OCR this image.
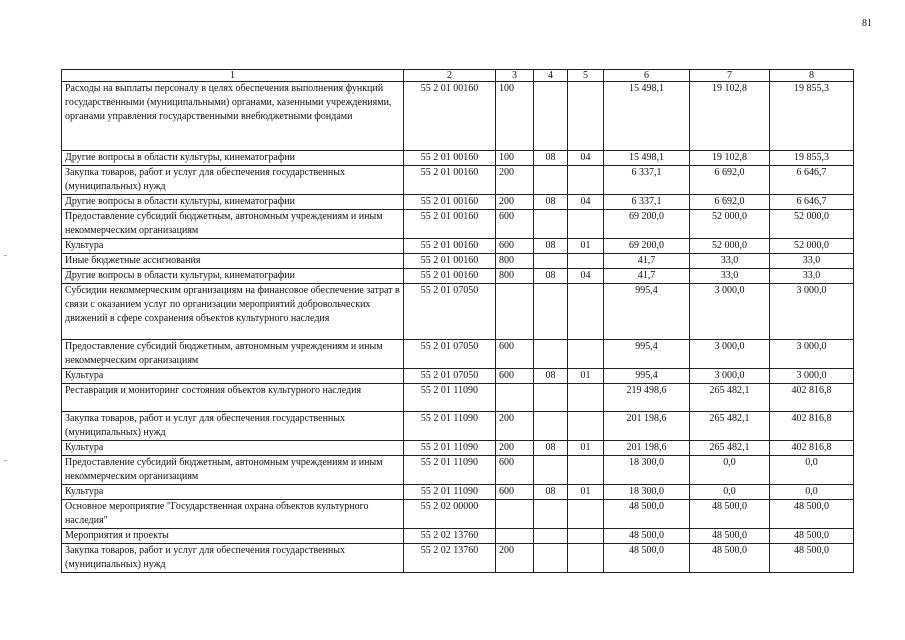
81
1	2	3	4	5	6	7	8
Расходы на выплаты персоналу в целях обеспечения выполнения функций государственными (муниципальными) органами, казенными учреждениями, органами управления государственными внебюджетными фондами	55 2 01 00160	100			15 498,1	19 102,8	19 855,3
Другие вопросы в области культуры, кинематографии	55 2 01 00160	100	08	04	15 498,1	19 102,8	19 855,3
Закупка товаров, работ и услуг для обеспечения государственных (муниципальных) нужд	55 2 01 00160	200			6 337,1	6 692,0	6 646,7
Другие вопросы в области культуры, кинематографии	55 2 01 00160	200	08	04	6 337,1	6 692,0	6 646,7
Предоставление субсидий бюджетным, автономным учреждениям и иным некоммерческим организациям	55 2 01 00160	600			69 200,0	52 000,0	52 000,0
Культура	55 2 01 00160	600	08	01	69 200,0	52 000,0	52 000,0
Иные бюджетные ассигнования	55 2 01 00160	800			41,7	33,0	33,0
Другие вопросы в области культуры, кинематографии	55 2 01 00160	800	08	04	41,7	33,0	33,0
Субсидии некоммерческим организациям на финансовое обеспечение затрат в связи с оказанием услуг по организации мероприятий добровольческих движений в сфере сохранения объектов культурного наследия	55 2 01 07050				995,4	3 000,0	3 000,0
Предоставление субсидий бюджетным, автономным учреждениям и иным некоммерческим организациям	55 2 01 07050	600			995,4	3 000,0	3 000,0
Культура	55 2 01 07050	600	08	01	995,4	3 000,0	3 000,0
Реставрация и мониторинг состояния объектов культурного наследия	55 2 01 11090				219 498,6	265 482,1	402 816,8
Закупка товаров, работ и услуг для обеспечения государственных (муниципальных) нужд	55 2 01 11090	200			201 198,6	265 482,1	402 816,8
Культура	55 2 01 11090	200	08	01	201 198,6	265 482,1	402 816,8
Предоставление субсидий бюджетным, автономным учреждениям и иным некоммерческим организациям	55 2 01 11090	600			18 300,0	0,0	0,0
Культура	55 2 01 11090	600	08	01	18 300,0	0,0	0,0
Основное мероприятие "Государственная охрана объектов культурного наследия"	55 2 02 00000				48 500,0	48 500,0	48 500,0
Мероприятия и проекты	55 2 02 13760				48 500,0	48 500,0	48 500,0
Закупка товаров, работ и услуг для обеспечения государственных (муниципальных) нужд	55 2 02 13760	200			48 500,0	48 500,0	48 500,0
